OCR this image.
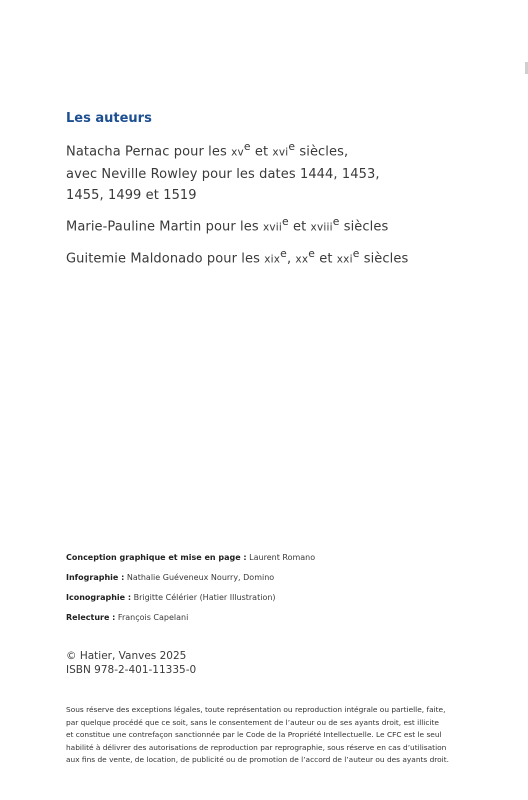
Les auteurs

Natacha Pernac pour les $xv^e$ et xvi$^e$ siècles,

avec Neville Rowley pour les dates 1444, 1453,

1455, 1499 et 1519

Marie-Pauline Martin pour les xvii$^e$ et xviii$^e$ siècles

Guitemie Maldonado pour les xix$^e$, $xx^e$ et xxi$^e$ siècles

Conception graphique et mise en page : Laurent Romano

Infographie : Nathalie Guéveneux Nourry, Domino

Iconographie : Brigitte Célérier (Hatier Illustration)

Relecture : François Capelani

© Hatier, Vanves 2025
ISBN 978-2-401-11335-0
Sous réserve des exceptions légales, toute représentation ou reproduction intégrale ou partielle, faite,
par quelque procédé que ce soit, sans le consentement de l’auteur ou de ses ayants droit, est illicite
et constitue une contrefaçon sanctionnée par le Code de la Propriété Intellectuelle. Le CFC est le seul
habilité à délivrer des autorisations de reproduction par reprographie, sous réserve en cas d’utilisation
aux fins de vente, de location, de publicité ou de promotion de l’accord de l’auteur ou des ayants droit.
